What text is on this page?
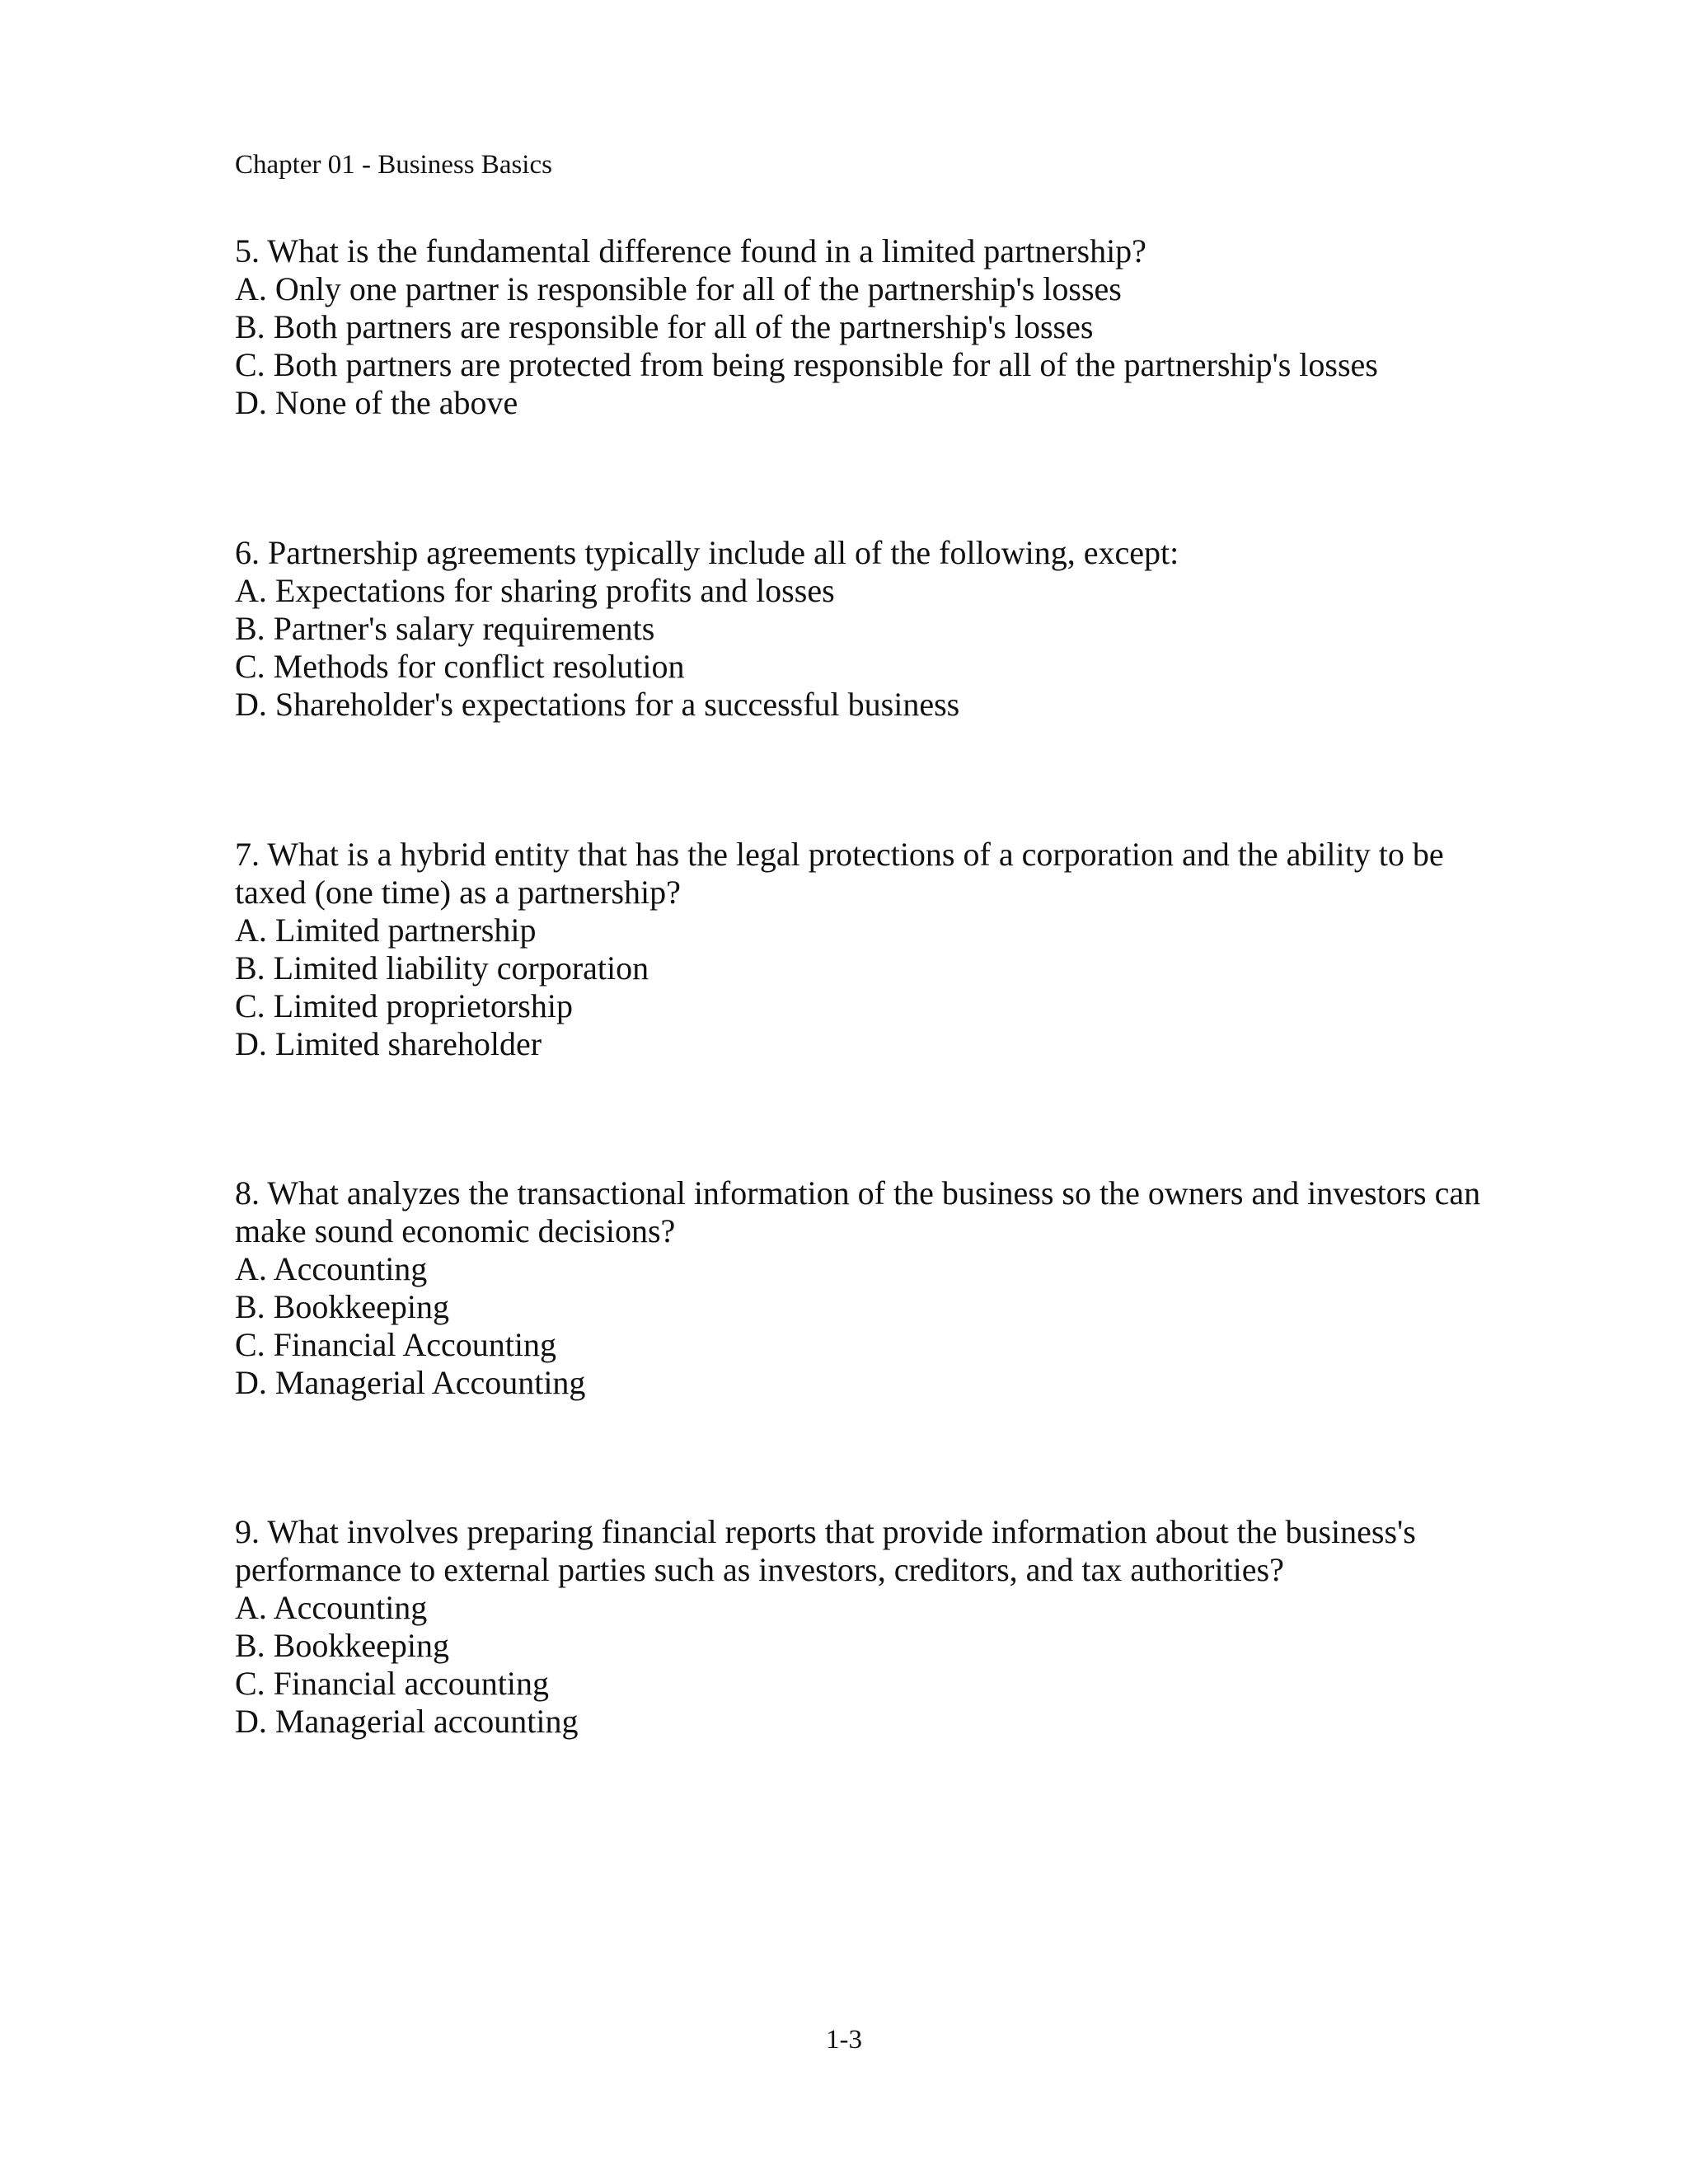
Chapter 01 - Business Basics

5. What is the fundamental difference found in a limited partnership?

A. Only one partner is responsible for all of the partnership's losses

B. Both partners are responsible for all of the partnership's losses

C. Both partners are protected from being responsible for all of the partnership's losses

D. None of the above

6. Partnership agreements typically include all of the following, except:

A. Expectations for sharing profits and losses

B. Partner's salary requirements

C. Methods for conflict resolution

D. Shareholder's expectations for a successful business

7. What is a hybrid entity that has the legal protections of a corporation and the ability to be taxed (one time) as a partnership?

A. Limited partnership

B. Limited liability corporation

C. Limited proprietorship

D. Limited shareholder

8. What analyzes the transactional information of the business so the owners and investors can make sound economic decisions?

A. Accounting

B. Bookkeeping

C. Financial Accounting

D. Managerial Accounting

9. What involves preparing financial reports that provide information about the business's performance to external parties such as investors, creditors, and tax authorities?

A. Accounting

B. Bookkeeping

C. Financial accounting

D. Managerial accounting

1-3
